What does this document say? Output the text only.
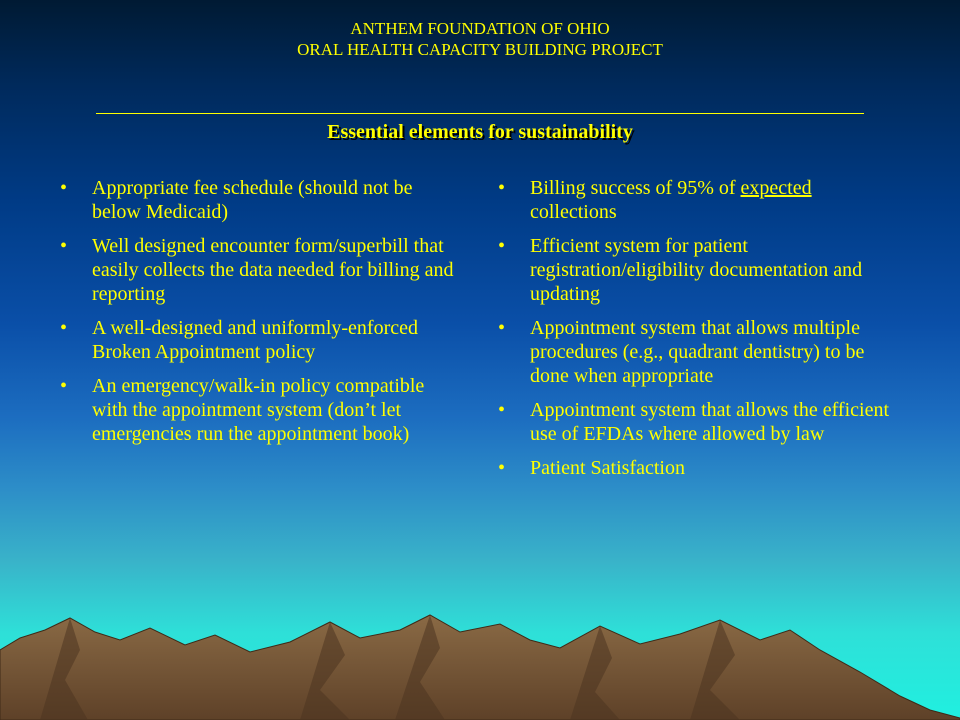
ANTHEM FOUNDATION OF OHIO
ORAL HEALTH CAPACITY BUILDING PROJECT
Essential elements for sustainability
• Appropriate fee schedule (should not be below Medicaid)
• Well designed encounter form/superbill that easily collects the data needed for billing and reporting
• A well-designed and uniformly-enforced Broken Appointment policy
• An emergency/walk-in policy compatible with the appointment system (don’t let emergencies run the appointment book)
• Billing success of 95% of expected collections
• Efficient system for patient registration/eligibility documentation and updating
• Appointment system that allows multiple procedures (e.g., quadrant dentistry) to be done when appropriate
• Appointment system that allows the efficient use of EFDAs where allowed by law
• Patient Satisfaction
